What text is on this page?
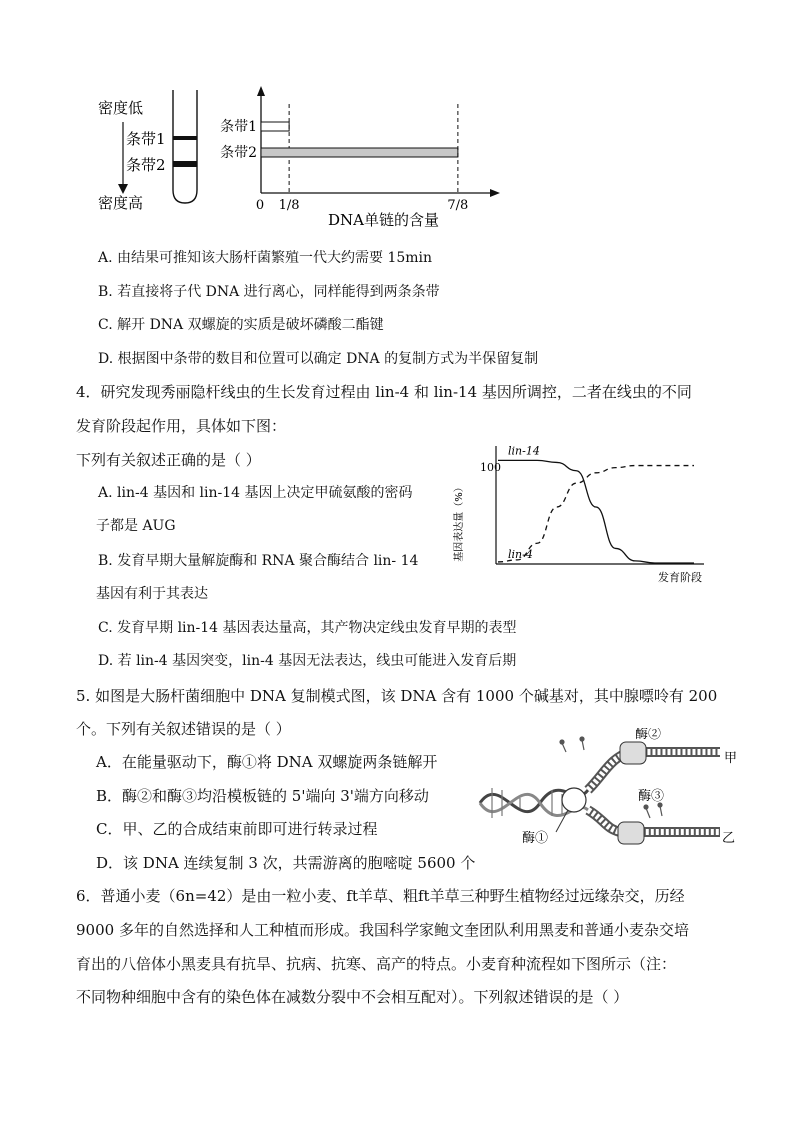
密度低
条带1
条带2
密度高
条带1
条带2
0 1/8	7/8
DNA单链的含量
A. 由结果可推知该大肠杆菌繁殖一代大约需要 15min
B. 若直接将子代 DNA 进行离心，同样能得到两条条带
C. 解开 DNA 双螺旋的实质是破坏磷酸二酯键
D. 根据图中条带的数目和位置可以确定 DNA 的复制方式为半保留复制
4．研究发现秀丽隐杆线虫的生长发育过程由 lin-4 和 lin-14 基因所调控，二者在线虫的不同
发育阶段起作用，具体如下图：
下列有关叙述正确的是（ ）
A. lin-4 基因和 lin-14 基因上决定甲硫氨酸的密码
子都是 AUG
B. 发育早期大量解旋酶和 RNA 聚合酶结合 lin- 14
基因有利于其表达
C. 发育早期 lin-14 基因表达量高，其产物决定线虫发育早期的表型
D. 若 lin-4 基因突变，lin-4 基因无法表达，线虫可能进入发育后期
基因表达量（%）
100
发育阶段
lin-14
lin-4
5. 如图是大肠杆菌细胞中 DNA 复制模式图，该 DNA 含有 1000 个碱基对，其中腺嘌呤有 200
个。下列有关叙述错误的是（ ）
A．在能量驱动下，酶①将 DNA 双螺旋两条链解开
B．酶②和酶③均沿模板链的 5'端向 3'端方向移动
C．甲、乙的合成结束前即可进行转录过程
D．该 DNA 连续复制 3 次，共需游离的胞嘧啶 5600 个
酶②
甲
酶③
酶①	乙
6．普通小麦（6n=42）是由一粒小麦、ft羊草、粗ft羊草三种野生植物经过远缘杂交，历经
9000 多年的自然选择和人工种植而形成。我国科学家鲍文奎团队利用黑麦和普通小麦杂交培
育出的八倍体小黑麦具有抗旱、抗病、抗寒、高产的特点。小麦育种流程如下图所示（注：
不同物种细胞中含有的染色体在减数分裂中不会相互配对）。下列叙述错误的是（ ）
